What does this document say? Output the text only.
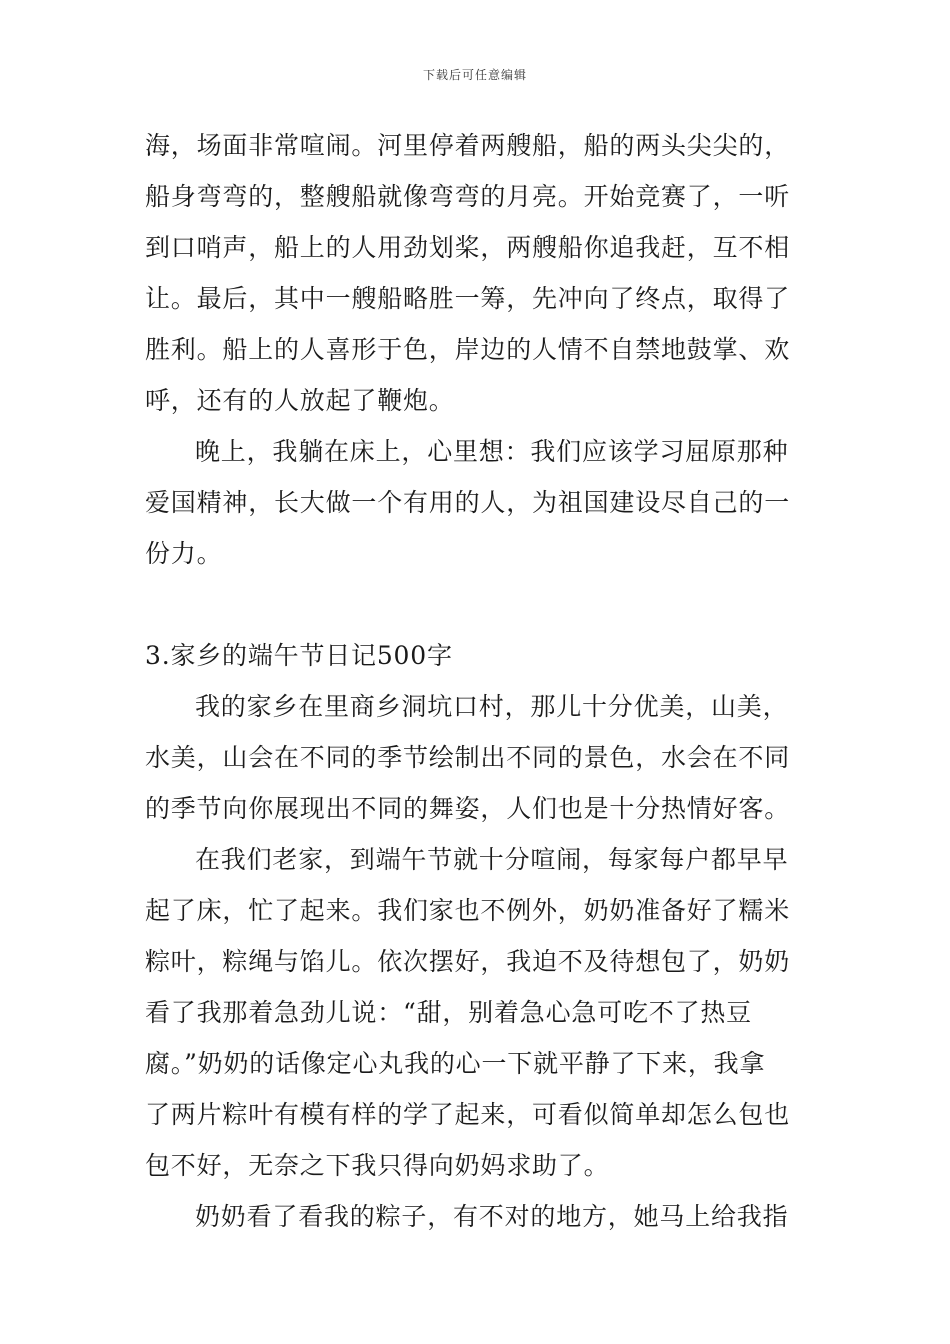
下载后可任意编辑
海，场面非常喧闹。河里停着两艘船，船的两头尖尖的，
船身弯弯的，整艘船就像弯弯的月亮。开始竞赛了，一听
到口哨声，船上的人用劲划桨，两艘船你追我赶，互不相
让。最后，其中一艘船略胜一筹，先冲向了终点，取得了
胜利。船上的人喜形于色，岸边的人情不自禁地鼓掌、欢
呼，还有的人放起了鞭炮。
晚上，我躺在床上，心里想：我们应该学习屈原那种
爱国精神，长大做一个有用的人，为祖国建设尽自己的一
份力。
3.家乡的端午节日记500字
我的家乡在里商乡洞坑口村，那儿十分优美，山美，
水美，山会在不同的季节绘制出不同的景色，水会在不同
的季节向你展现出不同的舞姿，人们也是十分热情好客。
在我们老家，到端午节就十分喧闹，每家每户都早早
起了床，忙了起来。我们家也不例外，奶奶准备好了糯米
粽叶，粽绳与馅儿。依次摆好，我迫不及待想包了，奶奶
看了我那着急劲儿说：“甜，别着急心急可吃不了热豆
腐。”奶奶的话像定心丸我的心一下就平静了下来，我拿
了两片粽叶有模有样的学了起来，可看似简单却怎么包也
包不好，无奈之下我只得向奶妈求助了。
奶奶看了看我的粽子，有不对的地方，她马上给我指
